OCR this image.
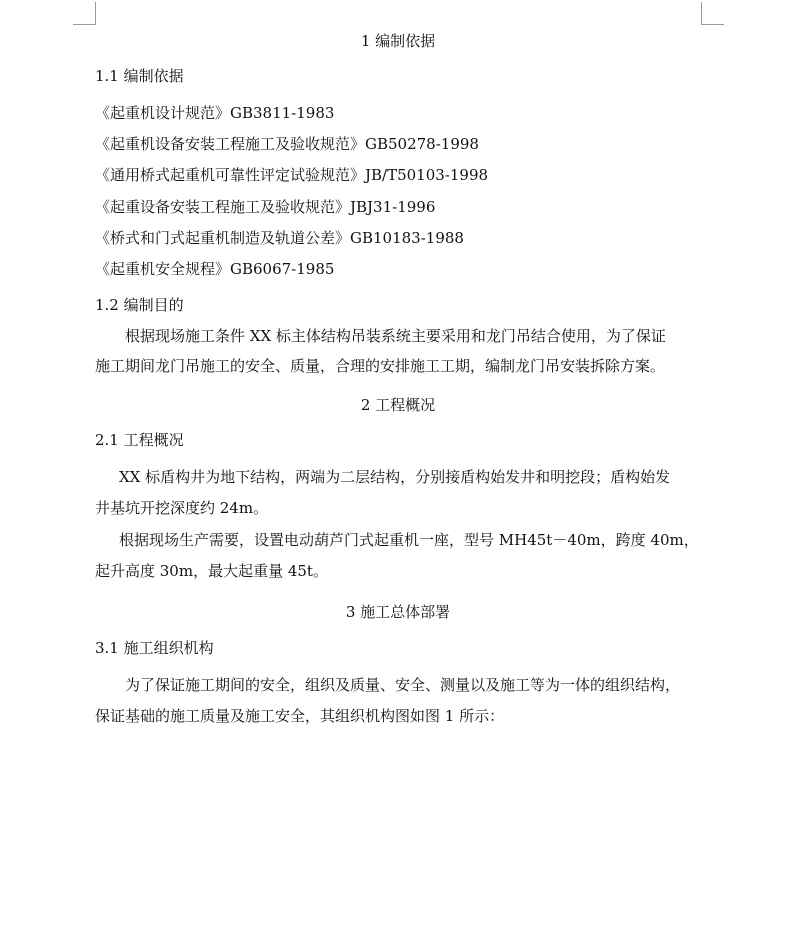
1 编制依据
1.1 编制依据
《起重机设计规范》GB3811-1983
《起重机设备安装工程施工及验收规范》GB50278-1998
《通用桥式起重机可靠性评定试验规范》JB/T50103-1998
《起重设备安装工程施工及验收规范》JBJ31-1996
《桥式和门式起重机制造及轨道公差》GB10183-1988
《起重机安全规程》GB6067-1985
1.2 编制目的
根据现场施工条件 XX 标主体结构吊装系统主要采用和龙门吊结合使用，为了保证
施工期间龙门吊施工的安全、质量，合理的安排施工工期，编制龙门吊安装拆除方案。
2 工程概况
2.1 工程概况
XX 标盾构井为地下结构，两端为二层结构，分别接盾构始发井和明挖段；盾构始发
井基坑开挖深度约 24m。
根据现场生产需要，设置电动葫芦门式起重机一座，型号 MH45t－40m，跨度 40m，
起升高度 30m，最大起重量 45t。
3 施工总体部署
3.1 施工组织机构
为了保证施工期间的安全，组织及质量、安全、测量以及施工等为一体的组织结构，
保证基础的施工质量及施工安全，其组织机构图如图 1 所示：
